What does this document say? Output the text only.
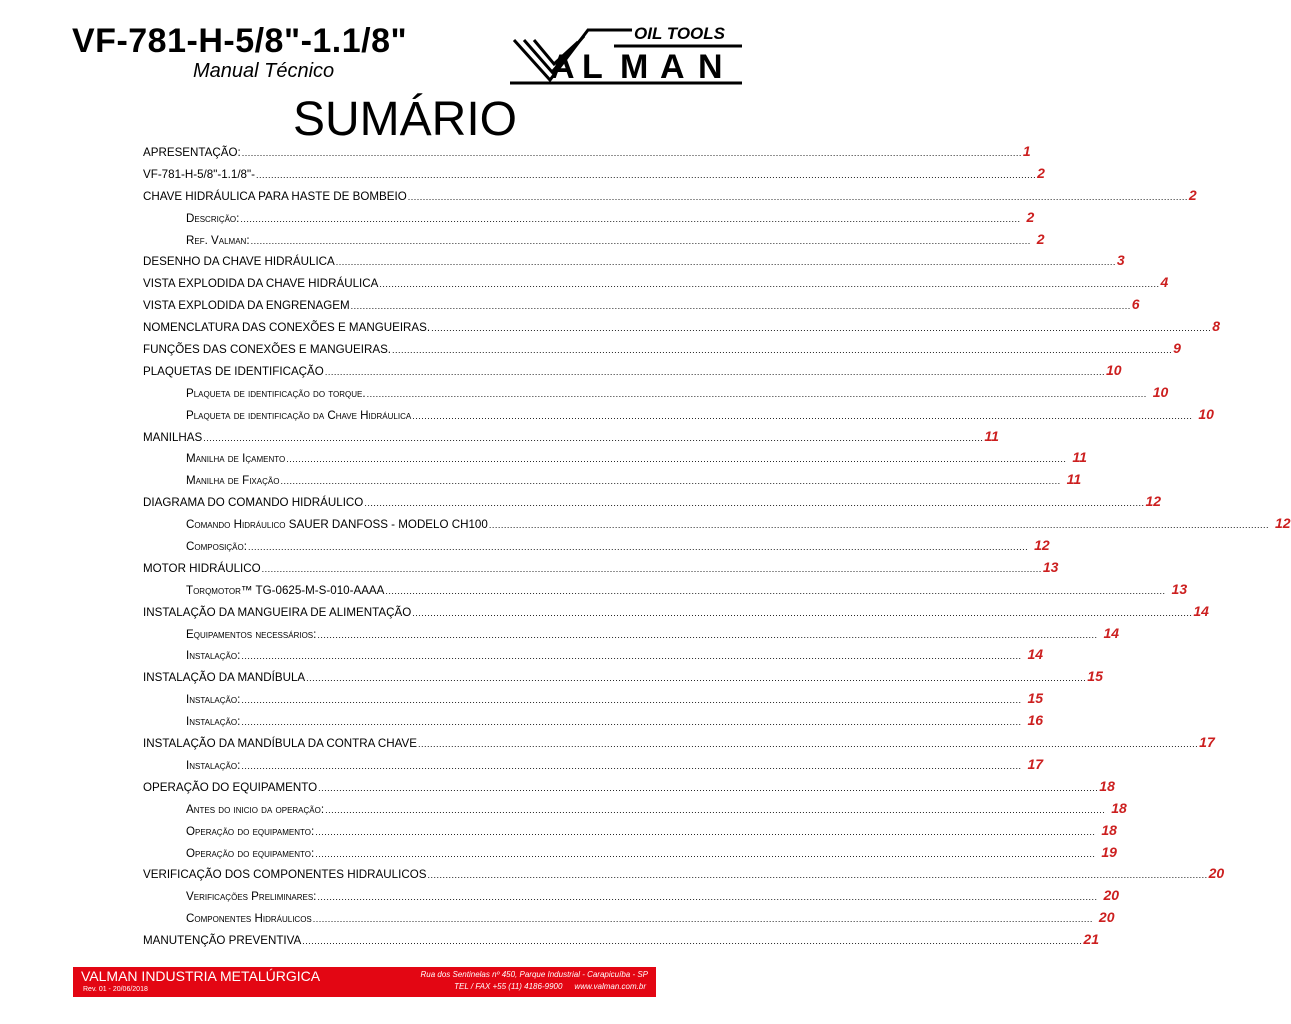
VF-781-H-5/8"-1.1/8"
Manual Técnico
OIL TOOLS
A L M A N
SUMÁRIO
APRESENTAÇÃO: .................................................................................................................................................................................................................................................................... 1
VF-781-H-5/8"-1.1/8"- .................................................................................................................................................................................................................................................................... 2
CHAVE HIDRÁULICA PARA HASTE DE BOMBEIO .................................................................................................................................................................................................................................................................... 2
Descrição: .................................................................................................................................................................................................................................................................... 2
Ref. Valman: .................................................................................................................................................................................................................................................................... 2
DESENHO DA CHAVE HIDRÁULICA .................................................................................................................................................................................................................................................................... 3
VISTA EXPLODIDA DA CHAVE HIDRÁULICA .................................................................................................................................................................................................................................................................... 4
VISTA EXPLODIDA DA ENGRENAGEM .................................................................................................................................................................................................................................................................... 6
NOMENCLATURA DAS CONEXÕES E MANGUEIRAS. .................................................................................................................................................................................................................................................................... 8
FUNÇÕES DAS CONEXÕES E MANGUEIRAS. .................................................................................................................................................................................................................................................................... 9
PLAQUETAS DE IDENTIFICAÇÃO .................................................................................................................................................................................................................................................................... 10
Plaqueta de identificação do torque. .................................................................................................................................................................................................................................................................... 10
Plaqueta de identificação da Chave Hidráulica .................................................................................................................................................................................................................................................................... 10
MANILHAS .................................................................................................................................................................................................................................................................... 11
Manilha de Içamento .................................................................................................................................................................................................................................................................... 11
Manilha de Fixação .................................................................................................................................................................................................................................................................... 11
DIAGRAMA DO COMANDO HIDRÁULICO .................................................................................................................................................................................................................................................................... 12
Comando Hidráulico SAUER DANFOSS - MODELO CH100 .................................................................................................................................................................................................................................................................... 12
Composição: .................................................................................................................................................................................................................................................................... 12
MOTOR HIDRÁULICO .................................................................................................................................................................................................................................................................... 13
Torqmotor™ TG-0625-M-S-010-AAAA .................................................................................................................................................................................................................................................................... 13
INSTALAÇÃO DA MANGUEIRA DE ALIMENTAÇÃO .................................................................................................................................................................................................................................................................... 14
Equipamentos necessários: .................................................................................................................................................................................................................................................................... 14
Instalação: .................................................................................................................................................................................................................................................................... 14
INSTALAÇÃO DA MANDÍBULA .................................................................................................................................................................................................................................................................... 15
Instalação: .................................................................................................................................................................................................................................................................... 15
Instalação: .................................................................................................................................................................................................................................................................... 16
INSTALAÇÃO DA MANDÍBULA DA CONTRA CHAVE .................................................................................................................................................................................................................................................................... 17
Instalação: .................................................................................................................................................................................................................................................................... 17
OPERAÇÃO DO EQUIPAMENTO .................................................................................................................................................................................................................................................................... 18
Antes do inicio da operação: .................................................................................................................................................................................................................................................................... 18
Operação do equipamento: .................................................................................................................................................................................................................................................................... 18
Operação do equipamento: .................................................................................................................................................................................................................................................................... 19
VERIFICAÇÃO DOS COMPONENTES HIDRAULICOS .................................................................................................................................................................................................................................................................... 20
Verificações Preliminares: .................................................................................................................................................................................................................................................................... 20
Componentes Hidráulicos .................................................................................................................................................................................................................................................................... 20
MANUTENÇÃO PREVENTIVA .................................................................................................................................................................................................................................................................... 21
VALMAN INDUSTRIA METALÚRGICA
Rev. 01 - 20/06/2018
Rua dos Sentinelas nº 450, Parque Industrial - Carapicuíba - SP
TEL / FAX +55 (11) 4186-9900 www.valman.com.br
